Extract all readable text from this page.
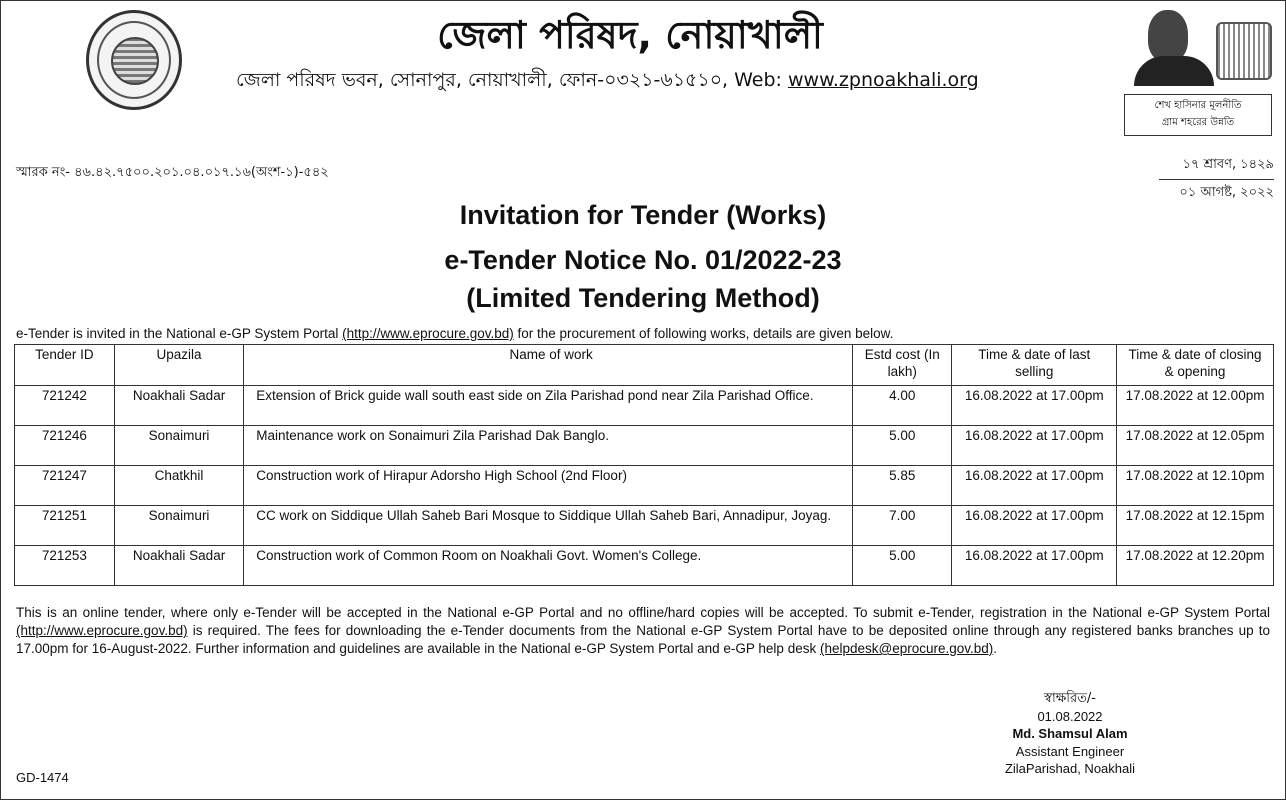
জেলা পরিষদ, নোয়াখালী
জেলা পরিষদ ভবন, সোনাপুর, নোয়াখালী, ফোন-০৩২১-৬১৫১০, Web: www.zpnoakhali.org
শেখ হাসিনার মূলনীতি
গ্রাম শহরের উন্নতি
স্মারক নং- ৪৬.৪২.৭৫০০.২০১.০৪.০১৭.১৬(অংশ-১)-৫৪২
১৭ শ্রাবণ, ১৪২৯
০১ আগষ্ট, ২০২২
Invitation for Tender (Works)
e-Tender Notice No. 01/2022-23
(Limited Tendering Method)
e-Tender is invited in the National e-GP System Portal (http://www.eprocure.gov.bd) for the procurement of following works, details are given below.
Tender ID	Upazila	Name of work	Estd cost (In lakh)	Time & date of last selling	Time & date of closing & opening
721242	Noakhali Sadar	Extension of Brick guide wall south east side on Zila Parishad pond near Zila Parishad Office.	4.00	16.08.2022 at 17.00pm	17.08.2022 at 12.00pm
721246	Sonaimuri	Maintenance work on Sonaimuri Zila Parishad Dak Banglo.	5.00	16.08.2022 at 17.00pm	17.08.2022 at 12.05pm
721247	Chatkhil	Construction work of Hirapur Adorsho High School (2nd Floor)	5.85	16.08.2022 at 17.00pm	17.08.2022 at 12.10pm
721251	Sonaimuri	CC work on Siddique Ullah Saheb Bari Mosque to Siddique Ullah Saheb Bari, Annadipur, Joyag.	7.00	16.08.2022 at 17.00pm	17.08.2022 at 12.15pm
721253	Noakhali Sadar	Construction work of Common Room on Noakhali Govt. Women's College.	5.00	16.08.2022 at 17.00pm	17.08.2022 at 12.20pm
This is an online tender, where only e-Tender will be accepted in the National e-GP Portal and no offline/hard copies will be accepted. To submit e-Tender, registration in the National e-GP System Portal (http://www.eprocure.gov.bd) is required. The fees for downloading the e-Tender documents from the National e-GP System Portal have to be deposited online through any registered banks branches up to 17.00pm for 16-August-2022. Further information and guidelines are available in the National e-GP System Portal and e-GP help desk (helpdesk@eprocure.gov.bd).
স্বাক্ষরিত/-
01.08.2022
Md. Shamsul Alam
Assistant Engineer
ZilaParishad, Noakhali
GD-1474
